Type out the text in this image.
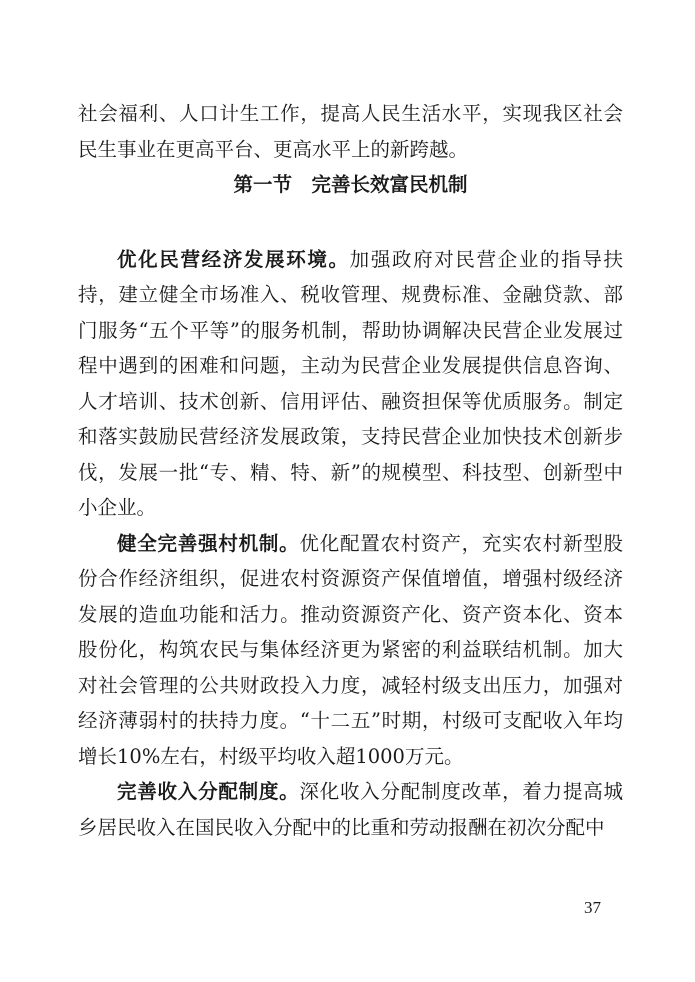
社会福利、人口计生工作，提高人民生活水平，实现我区社会民生事业在更高平台、更高水平上的新跨越。

第一节　完善长效富民机制

优化民营经济发展环境。加强政府对民营企业的指导扶持，建立健全市场准入、税收管理、规费标准、金融贷款、部门服务“五个平等”的服务机制，帮助协调解决民营企业发展过程中遇到的困难和问题，主动为民营企业发展提供信息咨询、人才培训、技术创新、信用评估、融资担保等优质服务。制定和落实鼓励民营经济发展政策，支持民营企业加快技术创新步伐，发展一批“专、精、特、新”的规模型、科技型、创新型中小企业。

健全完善强村机制。优化配置农村资产，充实农村新型股份合作经济组织，促进农村资源资产保值增值，增强村级经济发展的造血功能和活力。推动资源资产化、资产资本化、资本股份化，构筑农民与集体经济更为紧密的利益联结机制。加大对社会管理的公共财政投入力度，减轻村级支出压力，加强对经济薄弱村的扶持力度。“十二五”时期，村级可支配收入年均增长10%左右，村级平均收入超1000万元。

完善收入分配制度。深化收入分配制度改革，着力提高城乡居民收入在国民收入分配中的比重和劳动报酬在初次分配中

37
